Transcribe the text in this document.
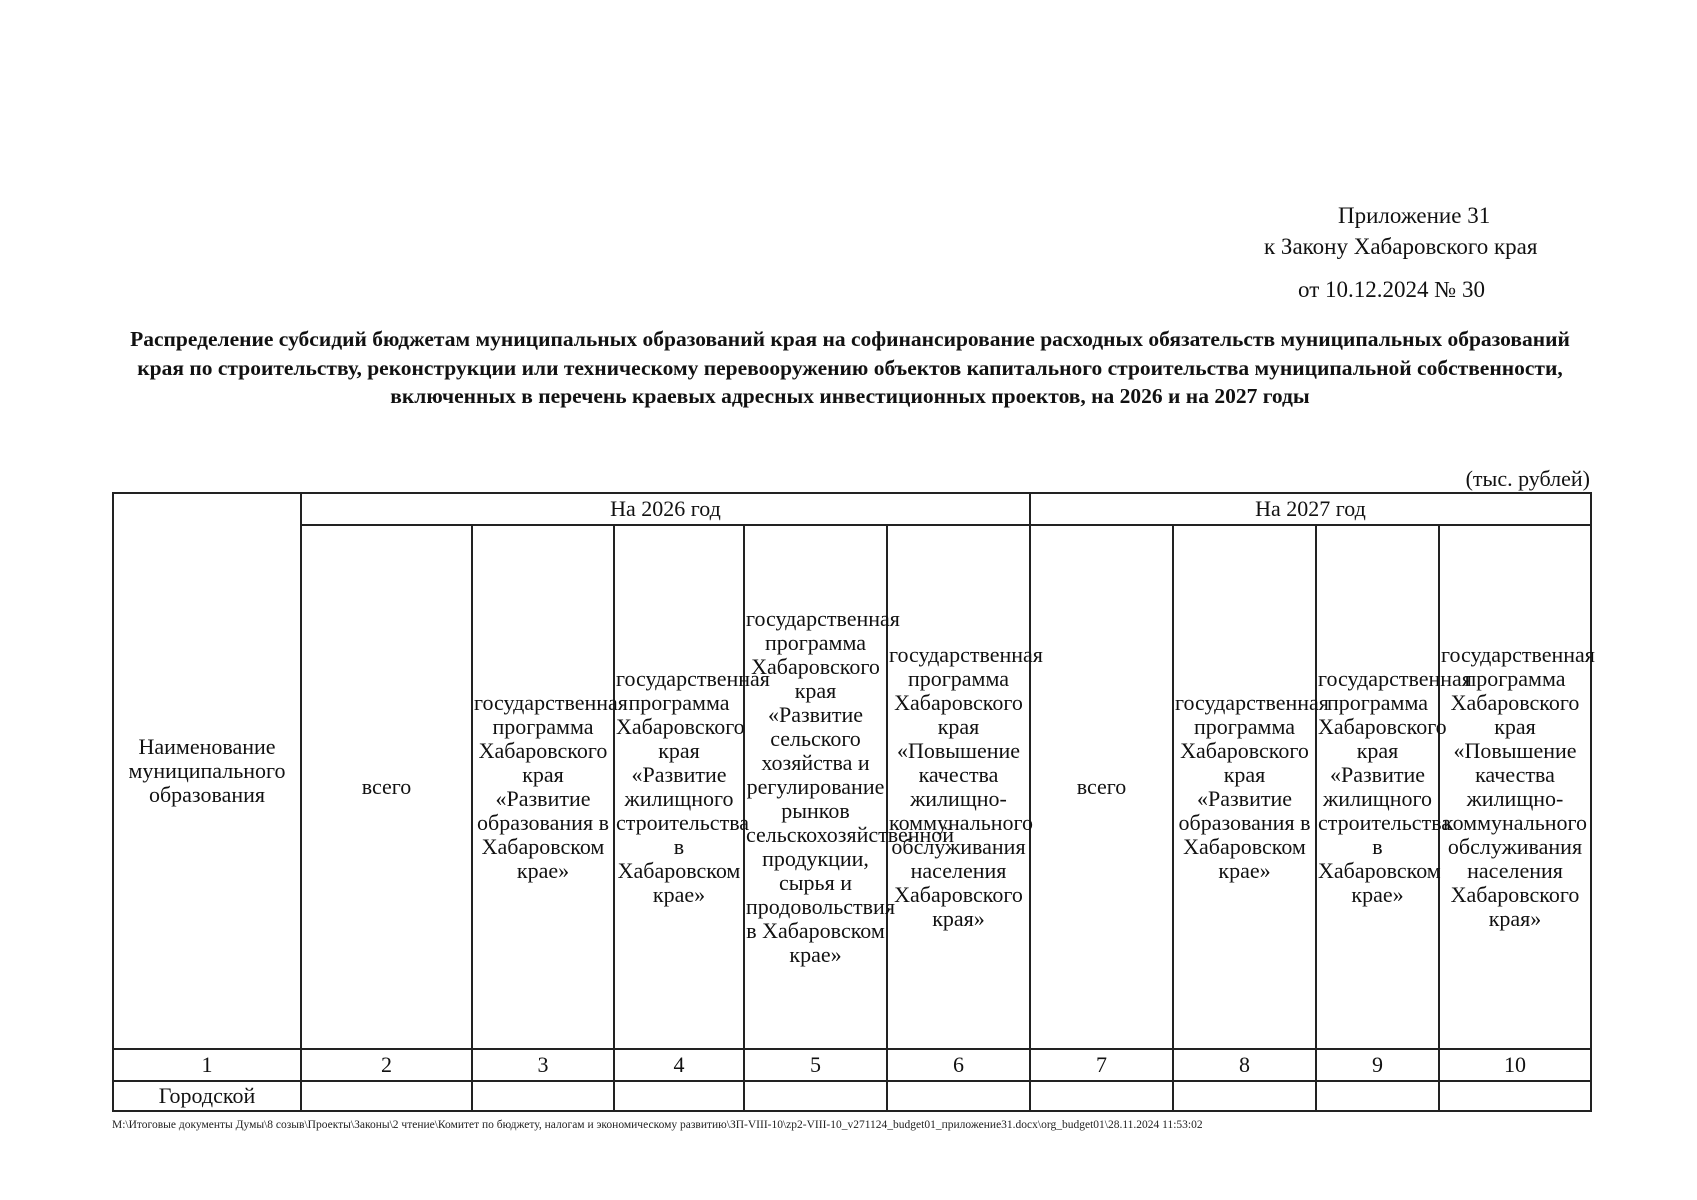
Приложение 31
к Закону Хабаровского края
от 10.12.2024 № 30
Распределение субсидий бюджетам муниципальных образований края на софинансирование расходных обязательств муниципальных образований края по строительству, реконструкции или техническому перевооружению объектов капитального строительства муниципальной собственности, включенных в перечень краевых адресных инвестиционных проектов, на 2026 и на 2027 годы
(тыс. рублей)
Наименование муниципального образования	На 2026 год					На 2027 год			
	всего	государственная программа Хабаровского края «Развитие образования в Хабаровском крае»	государственная программа Хабаровского края «Развитие жилищного строительства в Хабаровском крае»	государственная программа Хабаровского края «Развитие сельского хозяйства и регулирование рынков сельскохозяйственной продукции, сырья и продовольствия в Хабаровском крае»	государственная программа Хабаровского края «Повышение качества жилищно-коммунального обслуживания населения Хабаровского края»	всего	государственная программа Хабаровского края «Развитие образования в Хабаровском крае»	государственная программа Хабаровского края «Развитие жилищного строительства в Хабаровском крае»	государственная программа Хабаровского края «Повышение качества жилищно-коммунального обслуживания населения Хабаровского края»
1	2	3	4	5	6	7	8	9	10
Городской									
М:\Итоговые документы Думы\8 созыв\Проекты\Законы\2 чтение\Комитет по бюджету, налогам и экономическому развитию\ЗП-VIII-10\zp2-VIII-10_v271124_budget01_приложение31.docx\org_budget01\28.11.2024 11:53:02
